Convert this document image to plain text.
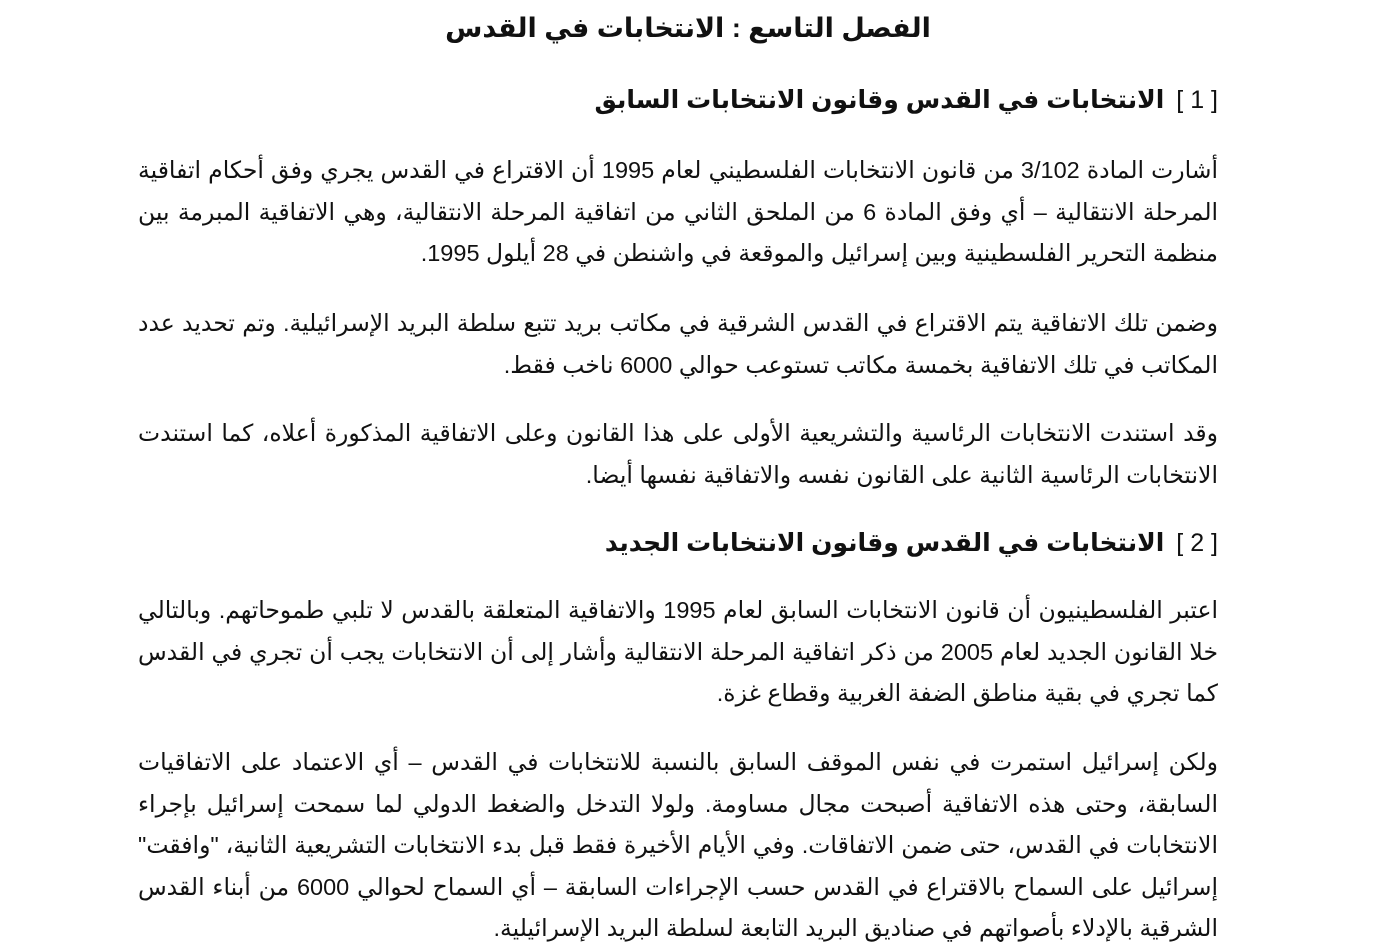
الفصل التاسع : الانتخابات في القدس
[ 1 ]الانتخابات في القدس وقانون الانتخابات السابق

أشارت المادة 3/102 من قانون الانتخابات الفلسطيني لعام 1995 أن الاقتراع في القدس يجري وفق أحكام اتفاقية المرحلة الانتقالية – أي وفق المادة 6 من الملحق الثاني من اتفاقية المرحلة الانتقالية، وهي الاتفاقية المبرمة بين منظمة التحرير الفلسطينية وبين إسرائيل والموقعة في واشنطن في 28 أيلول 1995.

وضمن تلك الاتفاقية يتم الاقتراع في القدس الشرقية في مكاتب بريد تتبع سلطة البريد الإسرائيلية. وتم تحديد عدد المكاتب في تلك الاتفاقية بخمسة مكاتب تستوعب حوالي 6000 ناخب فقط.

وقد استندت الانتخابات الرئاسية والتشريعية الأولى على هذا القانون وعلى الاتفاقية المذكورة أعلاه، كما استندت الانتخابات الرئاسية الثانية على القانون نفسه والاتفاقية نفسها أيضا.

[ 2 ]الانتخابات في القدس وقانون الانتخابات الجديد

اعتبر الفلسطينيون أن قانون الانتخابات السابق لعام 1995 والاتفاقية المتعلقة بالقدس لا تلبي طموحاتهم. وبالتالي خلا القانون الجديد لعام 2005 من ذكر اتفاقية المرحلة الانتقالية وأشار إلى أن الانتخابات يجب أن تجري في القدس كما تجري في بقية مناطق الضفة الغربية وقطاع غزة.

ولكن إسرائيل استمرت في نفس الموقف السابق بالنسبة للانتخابات في القدس – أي الاعتماد على الاتفاقيات السابقة، وحتى هذه الاتفاقية أصبحت مجال مساومة. ولولا التدخل والضغط الدولي لما سمحت إسرائيل بإجراء الانتخابات في القدس، حتى ضمن الاتفاقات. وفي الأيام الأخيرة فقط قبل بدء الانتخابات التشريعية الثانية، "وافقت" إسرائيل على السماح بالاقتراع في القدس حسب الإجراءات السابقة – أي السماح لحوالي 6000 من أبناء القدس الشرقية بالإدلاء بأصواتهم في صناديق البريد التابعة لسلطة البريد الإسرائيلية.
